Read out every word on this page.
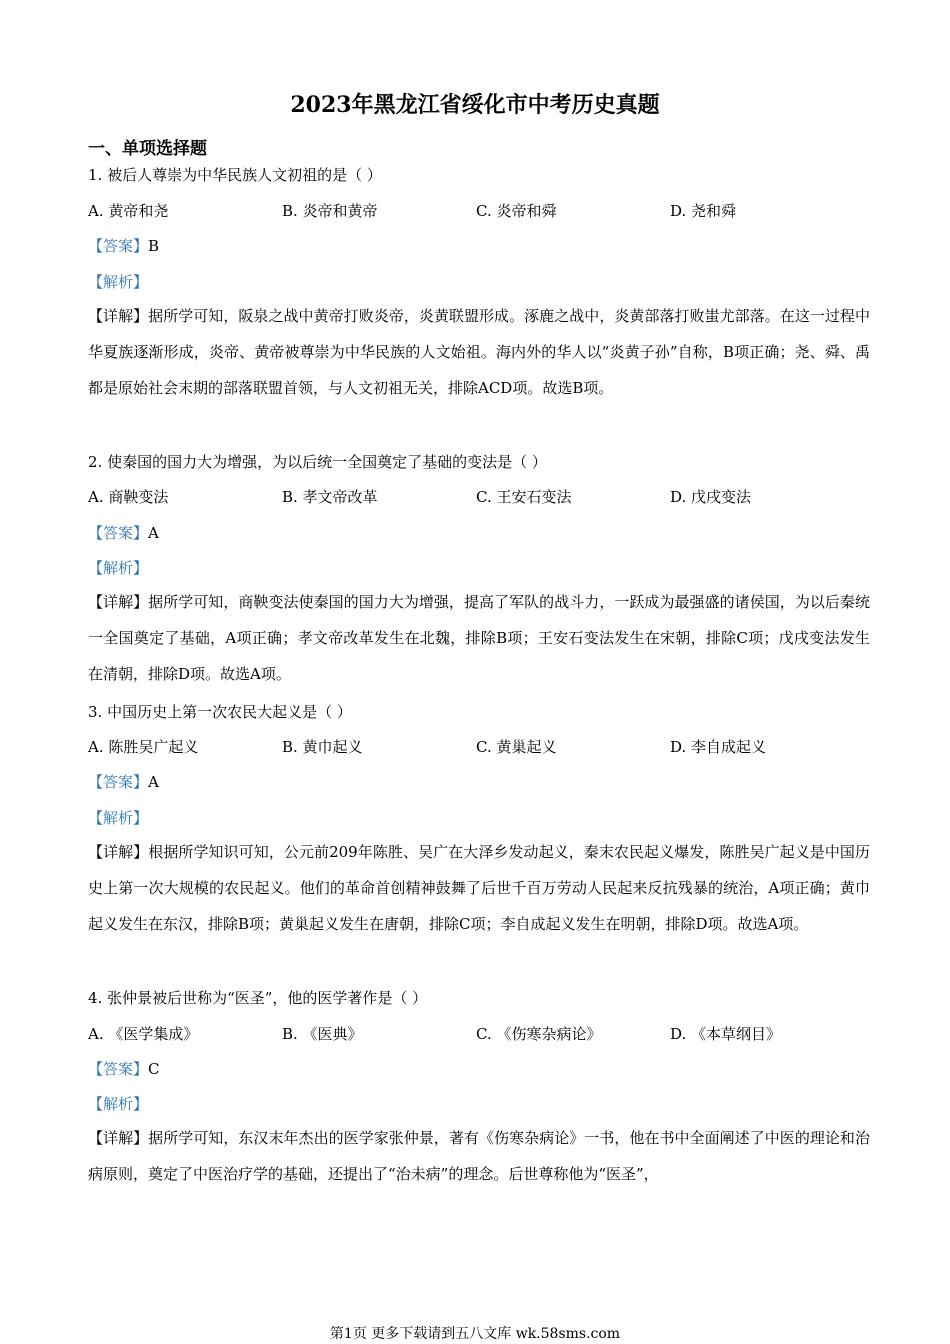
2023年黑龙江省绥化市中考历史真题
一、单项选择题
1. 被后人尊崇为中华民族人文初祖的是（ ）
A. 黄帝和尧	B. 炎帝和黄帝	C. 炎帝和舜	D. 尧和舜
【答案】B
【解析】
【详解】据所学可知，阪泉之战中黄帝打败炎帝，炎黄联盟形成。涿鹿之战中，炎黄部落打败蚩尤部落。在这一过程中华夏族逐渐形成，炎帝、黄帝被尊崇为中华民族的人文始祖。海内外的华人以“炎黄子孙”自称，B项正确；尧、舜、禹都是原始社会末期的部落联盟首领，与人文初祖无关，排除ACD项。故选B项。
2. 使秦国的国力大为增强，为以后统一全国奠定了基础的变法是（ ）
A. 商鞅变法	B. 孝文帝改革	C. 王安石变法	D. 戊戌变法
【答案】A
【解析】
【详解】据所学可知，商鞅变法使秦国的国力大为增强，提高了军队的战斗力，一跃成为最强盛的诸侯国，为以后秦统一全国奠定了基础，A项正确；孝文帝改革发生在北魏，排除B项；王安石变法发生在宋朝，排除C项；戊戌变法发生在清朝，排除D项。故选A项。
3. 中国历史上第一次农民大起义是（ ）
A. 陈胜吴广起义	B. 黄巾起义	C. 黄巢起义	D. 李自成起义
【答案】A
【解析】
【详解】根据所学知识可知，公元前209年陈胜、吴广在大泽乡发动起义，秦末农民起义爆发，陈胜吴广起义是中国历史上第一次大规模的农民起义。他们的革命首创精神鼓舞了后世千百万劳动人民起来反抗残暴的统治，A项正确；黄巾起义发生在东汉，排除B项；黄巢起义发生在唐朝，排除C项；李自成起义发生在明朝，排除D项。故选A项。
4. 张仲景被后世称为“医圣”，他的医学著作是（ ）
A. 《医学集成》	B. 《医典》	C. 《伤寒杂病论》	D. 《本草纲目》
【答案】C
【解析】
【详解】据所学可知，东汉末年杰出的医学家张仲景，著有《伤寒杂病论》一书，他在书中全面阐述了中医的理论和治病原则，奠定了中医治疗学的基础，还提出了“治未病”的理念。后世尊称他为“医圣”，
第1页 更多下载请到五八文库 wk.58sms.com
